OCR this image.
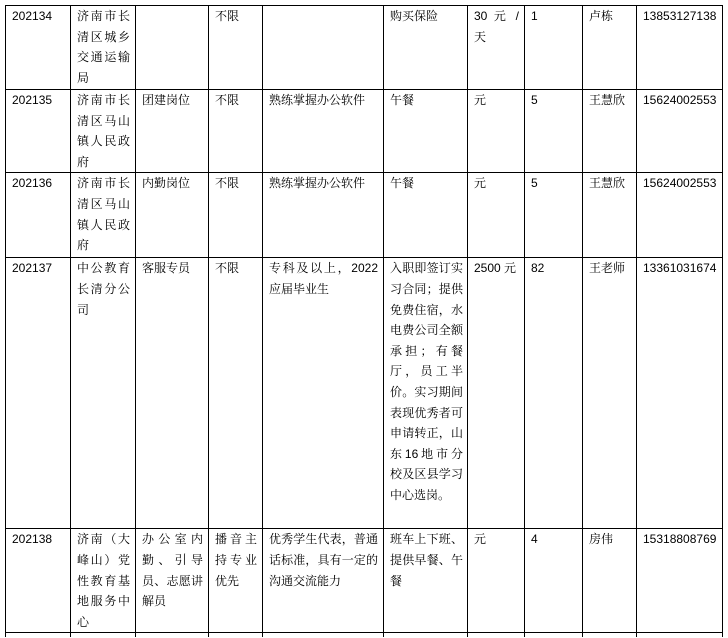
202134	济南市长清区城乡交通运输局		不限		购买保险	30 元 / 天	1	卢栋	13853127138
202135	济南市长清区马山镇人民政府	团建岗位	不限	熟练掌握办公软件	午餐	元	5	王慧欣	15624002553
202136	济南市长清区马山镇人民政府	内勤岗位	不限	熟练掌握办公软件	午餐	元	5	王慧欣	15624002553
202137	中公教育长清分公司	客服专员	不限	专科及以上，2022应届毕业生	入职即签订实习合同；提供免费住宿，水电费公司全额承担；有餐厅，员工半价。实习期间表现优秀者可申请转正，山东16地市分校及区县学习中心选岗。	2500 元	82	王老师	13361031674
202138	济南（大峰山）党性教育基地服务中心	办公室内勤、引导员、志愿讲解员	播音主持专业优先	优秀学生代表，普通话标准，具有一定的沟通交流能力	班车上下班、提供早餐、午餐	元	4	房伟	15318808769
